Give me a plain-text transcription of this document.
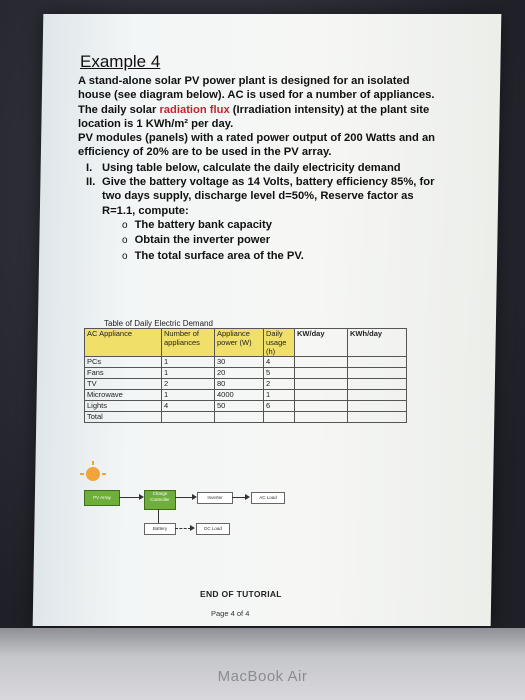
Example 4

A stand-alone solar PV power plant is designed for an isolated house (see diagram below). AC is used for a number of appliances.

The daily solar radiation flux (Irradiation intensity) at the plant site location is 1 KWh/m² per day.

PV modules (panels) with a rated power output of 200 Watts and an efficiency of 20% are to be used in the PV array.

I. Using table below, calculate the daily electricity demand
II. Give the battery voltage as 14 Volts, battery efficiency 85%, for two days supply, discharge level d=50%, Reserve factor as R=1.1, compute:
o The battery bank capacity
o Obtain the inverter power
o The total surface area of the PV.
Table of Daily Electric Demand
AC Appliance	Number of appliances	Appliance power (W)	Daily usage (h)	KW/day	KWh/day
PCs	1	30	4		
Fans	1	20	5		
TV	2	80	2		
Microwave	1	4000	1		
Lights	4	50	6		
Total					
PV Array
Charge Controller	Inverter	AC Load
Battery	DC Load
END OF TUTORIAL
Page 4 of 4
MacBook Air
